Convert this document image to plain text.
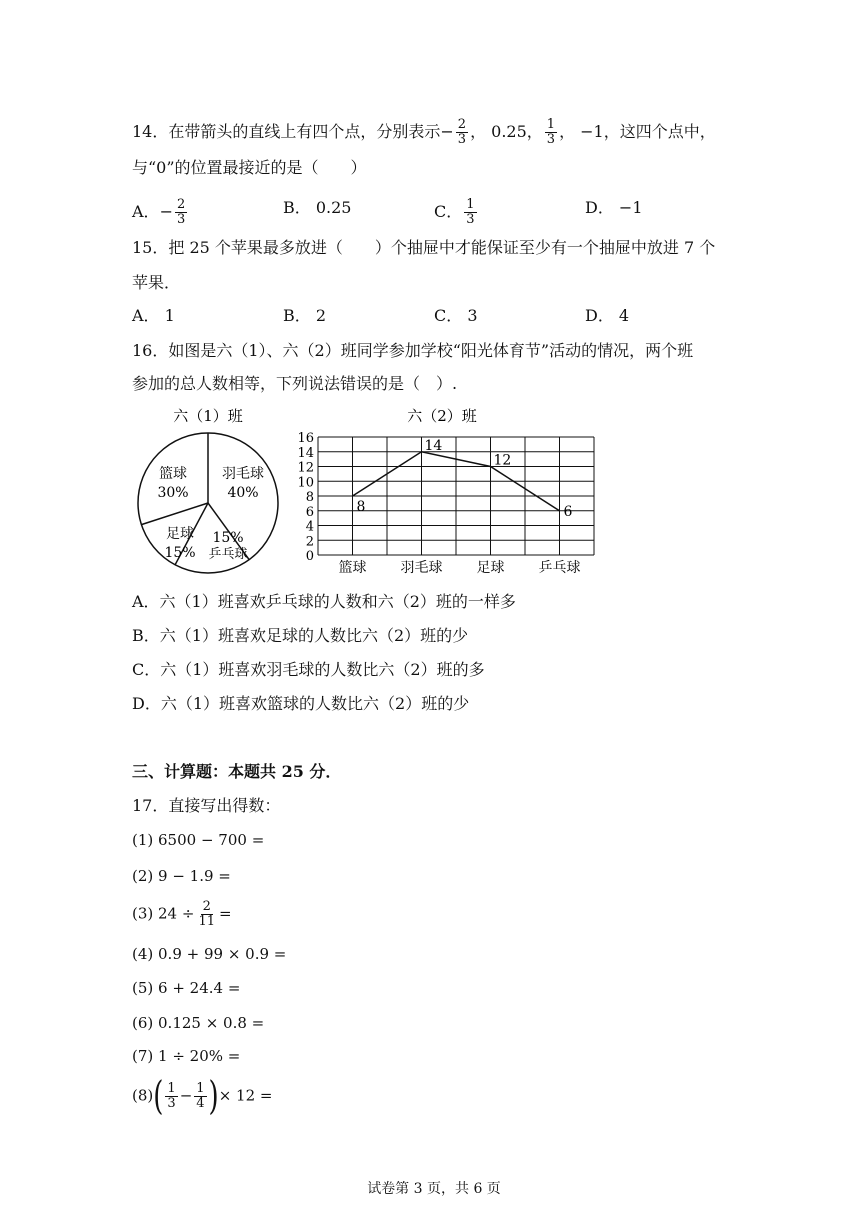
14．在带箭头的直线上有四个点，分别表示− $\frac{2}{3}$ ， 0.25， $\frac{1}{3}$ ， −1，这四个点中，
与“0”的位置最接近的是（　　）
A．− $\frac{2}{3}$	B． 0.25	C． $\frac{1}{3}$	D． −1
15．把 25 个苹果最多放进（　　）个抽屉中才能保证至少有一个抽屉中放进 7 个
苹果．
A． 1	B． 2	C． 3	D． 4
16．如图是六（1）、六（2）班同学参加学校“阳光体育节”活动的情况，两个班
参加的总人数相等，下列说法错误的是（　）.
六（1）班
羽毛球
40%
15%
乒乓球
足球
15%
篮球
30%
六（2）班
0
2
4
6
8
10
12
14
16
篮球 羽毛球 足球 乒乓球
8
14
12
6
A．六（1）班喜欢乒乓球的人数和六（2）班的一样多
B．六（1）班喜欢足球的人数比六（2）班的少
C．六（1）班喜欢羽毛球的人数比六（2）班的多
D．六（1）班喜欢篮球的人数比六（2）班的少
三、计算题：本题共 25 分．
17．直接写出得数：
(1) 6500 − 700 =
(2) 9 − 1.9 =
(3) $24 \div \frac{2}{11}$ =
(4) 0.9 + 99 × 0.9 =
(5) 6 + 24.4 =
(6) 0.125 × 0.8 =
(7) 1 ÷ 20% =
$(8)( \frac{1}{3} - \frac{1}{4}$ )× 12 =
试卷第 3 页，共 6 页
